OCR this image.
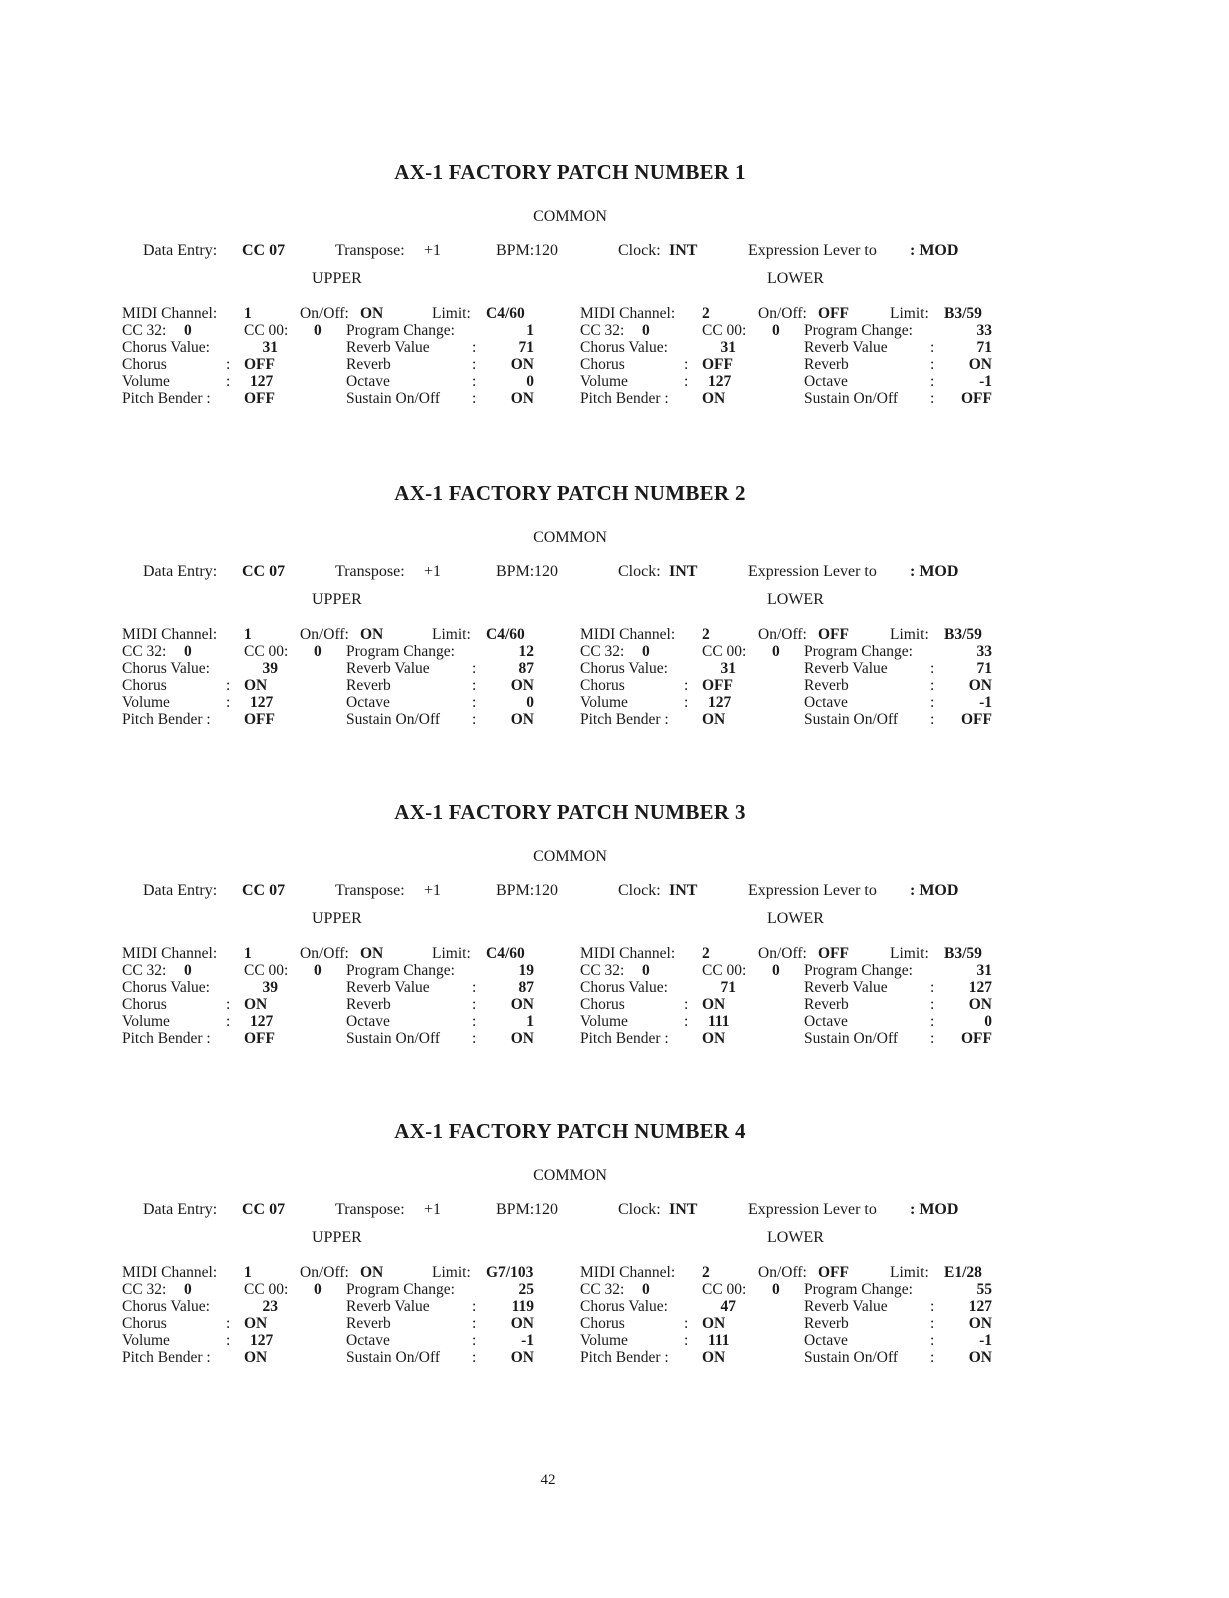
AX-1 FACTORY PATCH NUMBER 1
COMMON
Data Entry: CC 07	Transpose: +1	BPM: 120	Clock: INT	Expression Lever to : MOD
UPPER	LOWER
MIDI Channel: 1	On/Off: ON	Limit: C4/60
CC 32: 0	CC 00: 0 Program Change:	1
Chorus Value:	31	Reverb Value	:	71
Chorus	: OFF	Reverb	:	ON
Volume	: 127	Octave	:	0
Pitch Bender : OFF	Sustain On/Off :	ON
MIDI Channel: 2	On/Off: OFF	Limit: B3/59
CC 32: 0	CC 00: 0 Program Change:	33
Chorus Value:	31	Reverb Value	:	71
Chorus	: OFF	Reverb	:	ON
Volume	: 127	Octave	:	-1
Pitch Bender : ON	Sustain On/Off :	OFF
AX-1 FACTORY PATCH NUMBER 2
COMMON
Data Entry: CC 07	Transpose: +1	BPM: 120	Clock: INT	Expression Lever to : MOD
UPPER	LOWER
MIDI Channel: 1	On/Off: ON	Limit: C4/60
CC 32: 0	CC 00: 0 Program Change:	12
Chorus Value:	39	Reverb Value	:	87
Chorus	: ON	Reverb	:	ON
Volume	: 127	Octave	:	0
Pitch Bender : OFF	Sustain On/Off :	ON
MIDI Channel: 2	On/Off: OFF	Limit: B3/59
CC 32: 0	CC 00: 0 Program Change:	33
Chorus Value:	31	Reverb Value	:	71
Chorus	: OFF	Reverb	:	ON
Volume	: 127	Octave	:	-1
Pitch Bender : ON	Sustain On/Off :	OFF
AX-1 FACTORY PATCH NUMBER 3
COMMON
Data Entry: CC 07	Transpose: +1	BPM: 120	Clock: INT	Expression Lever to : MOD
UPPER	LOWER
MIDI Channel: 1	On/Off: ON	Limit: C4/60
CC 32: 0	CC 00: 0 Program Change:	19
Chorus Value:	39	Reverb Value	:	87
Chorus	: ON	Reverb	:	ON
Volume	: 127	Octave	:	1
Pitch Bender : OFF	Sustain On/Off :	ON
MIDI Channel: 2	On/Off: OFF	Limit: B3/59
CC 32: 0	CC 00: 0 Program Change:	31
Chorus Value:	71	Reverb Value	:	127
Chorus	: ON	Reverb	:	ON
Volume	: 111	Octave	:	0
Pitch Bender : ON	Sustain On/Off :	OFF
AX-1 FACTORY PATCH NUMBER 4
COMMON
Data Entry: CC 07	Transpose: +1	BPM: 120	Clock: INT	Expression Lever to : MOD
UPPER	LOWER
MIDI Channel: 1	On/Off: ON	Limit: G7/103
CC 32: 0	CC 00: 0 Program Change:	25
Chorus Value:	23	Reverb Value	:	119
Chorus	: ON	Reverb	:	ON
Volume	: 127	Octave	:	-1
Pitch Bender : ON	Sustain On/Off :	ON
MIDI Channel: 2	On/Off: OFF	Limit: E1/28
CC 32: 0	CC 00: 0 Program Change:	55
Chorus Value:	47	Reverb Value	:	127
Chorus	: ON	Reverb	:	ON
Volume	: 111	Octave	:	-1
Pitch Bender : ON	Sustain On/Off :	ON
42
